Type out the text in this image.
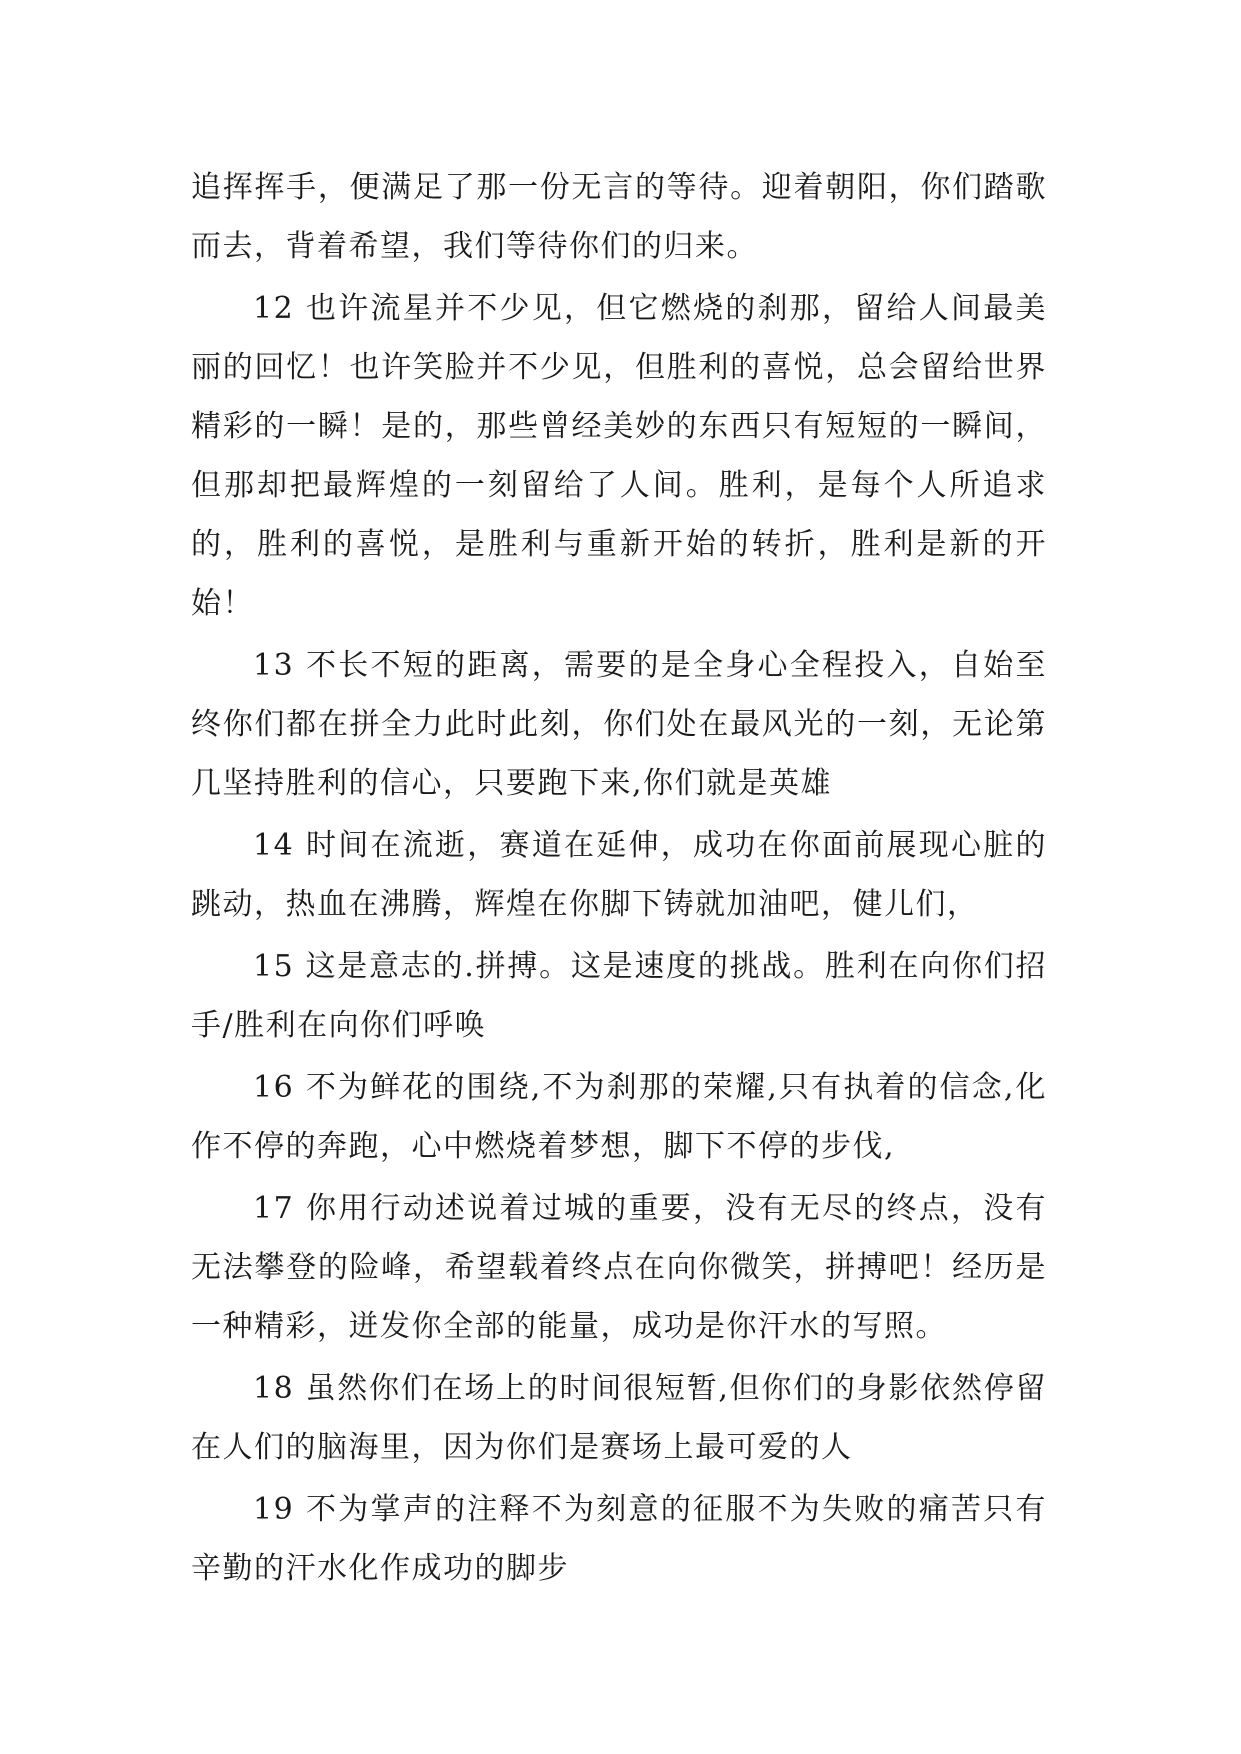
追挥挥手，便满足了那一份无言的等待。迎着朝阳，你们踏歌而去，背着希望，我们等待你们的归来。

12 也许流星并不少见，但它燃烧的刹那，留给人间最美丽的回忆！也许笑脸并不少见，但胜利的喜悦，总会留给世界精彩的一瞬！是的，那些曾经美妙的东西只有短短的一瞬间，但那却把最辉煌的一刻留给了人间。胜利，是每个人所追求的，胜利的喜悦，是胜利与重新开始的转折，胜利是新的开始！

13 不长不短的距离，需要的是全身心全程投入，自始至终你们都在拼全力此时此刻，你们处在最风光的一刻，无论第几坚持胜利的信心，只要跑下来,你们就是英雄

14 时间在流逝，赛道在延伸，成功在你面前展现心脏的跳动，热血在沸腾，辉煌在你脚下铸就加油吧，健儿们，

15 这是意志的.拼搏。这是速度的挑战。胜利在向你们招手/胜利在向你们呼唤

16 不为鲜花的围绕,不为刹那的荣耀,只有执着的信念,化作不停的奔跑，心中燃烧着梦想，脚下不停的步伐,

17 你用行动述说着过城的重要，没有无尽的终点，没有无法攀登的险峰，希望载着终点在向你微笑，拼搏吧！经历是一种精彩，迸发你全部的能量，成功是你汗水的写照。

18 虽然你们在场上的时间很短暂,但你们的身影依然停留在人们的脑海里，因为你们是赛场上最可爱的人

19 不为掌声的注释不为刻意的征服不为失败的痛苦只有辛勤的汗水化作成功的脚步
